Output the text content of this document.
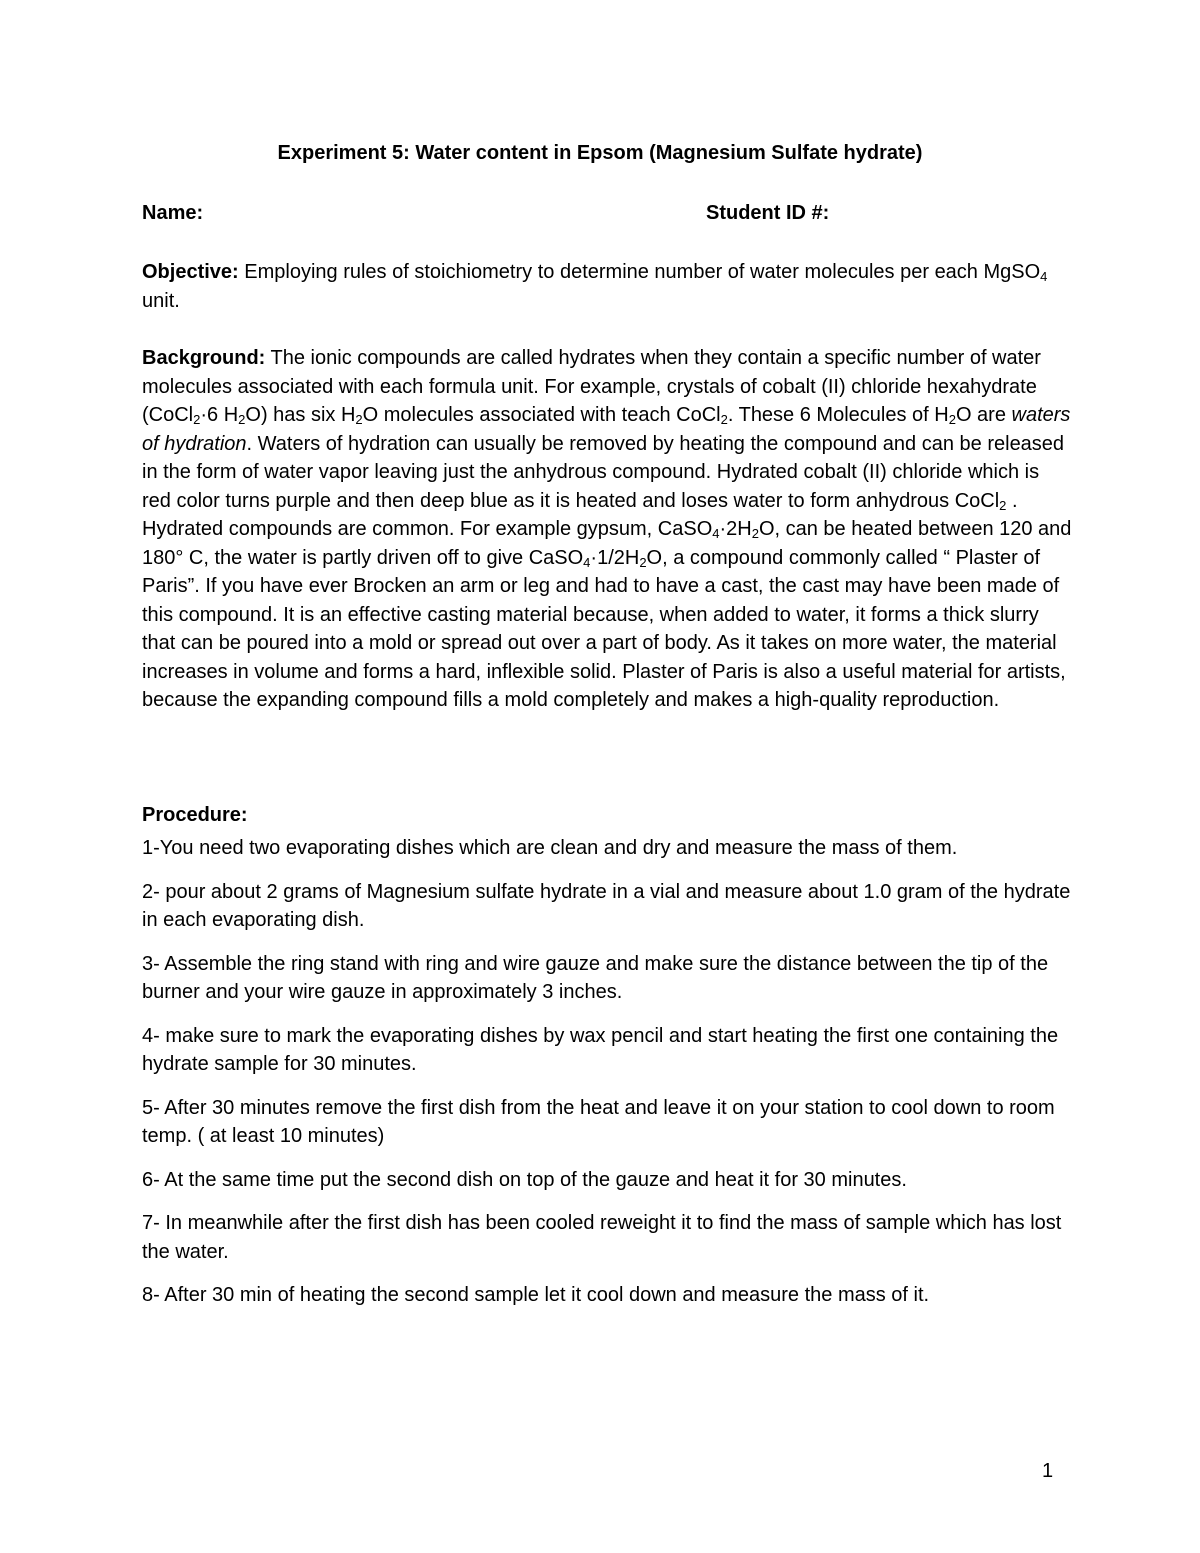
Experiment 5: Water content in Epsom (Magnesium Sulfate hydrate)
Name:	Student ID #:
Objective: Employing rules of stoichiometry to determine number of water molecules per each MgSO$_4$ unit.

Background: The ionic compounds are called hydrates when they contain a specific number of water molecules associated with each formula unit. For example, crystals of cobalt (II) chloride hexahydrate (CoCl$_2$·6 $H_2O$) has six $H_2O$ molecules associated with teach CoCl$_2$. These 6 Molecules of $H_2O$ are waters of hydration. Waters of hydration can usually be removed by heating the compound and can be released in the form of water vapor leaving just the anhydrous compound. Hydrated cobalt (II) chloride which is red color turns purple and then deep blue as it is heated and loses water to form anhydrous CoCl$_2$ .

Hydrated compounds are common. For example gypsum, $CaSO_4\cdot 2H_2O$, can be heated between 120 and 180° C, the water is partly driven off to give $CaSO_4\cdot 1/2H_2O$, a compound commonly called “ Plaster of Paris”. If you have ever Brocken an arm or leg and had to have a cast, the cast may have been made of this compound. It is an effective casting material because, when added to water, it forms a thick slurry that can be poured into a mold or spread out over a part of body. As it takes on more water, the material increases in volume and forms a hard, inflexible solid. Plaster of Paris is also a useful material for artists, because the expanding compound fills a mold completely and makes a high-quality reproduction.

Procedure:

1-You need two evaporating dishes which are clean and dry and measure the mass of them.

2- pour about 2 grams of Magnesium sulfate hydrate in a vial and measure about 1.0 gram of the hydrate in each evaporating dish.

3- Assemble the ring stand with ring and wire gauze and make sure the distance between the tip of the burner and your wire gauze in approximately 3 inches.

4- make sure to mark the evaporating dishes by wax pencil and start heating the first one containing the hydrate sample for 30 minutes.

5- After 30 minutes remove the first dish from the heat and leave it on your station to cool down to room temp. ( at least 10 minutes)

6- At the same time put the second dish on top of the gauze and heat it for 30 minutes.

7- In meanwhile after the first dish has been cooled reweight it to find the mass of sample which has lost the water.

8- After 30 min of heating the second sample let it cool down and measure the mass of it.

1
